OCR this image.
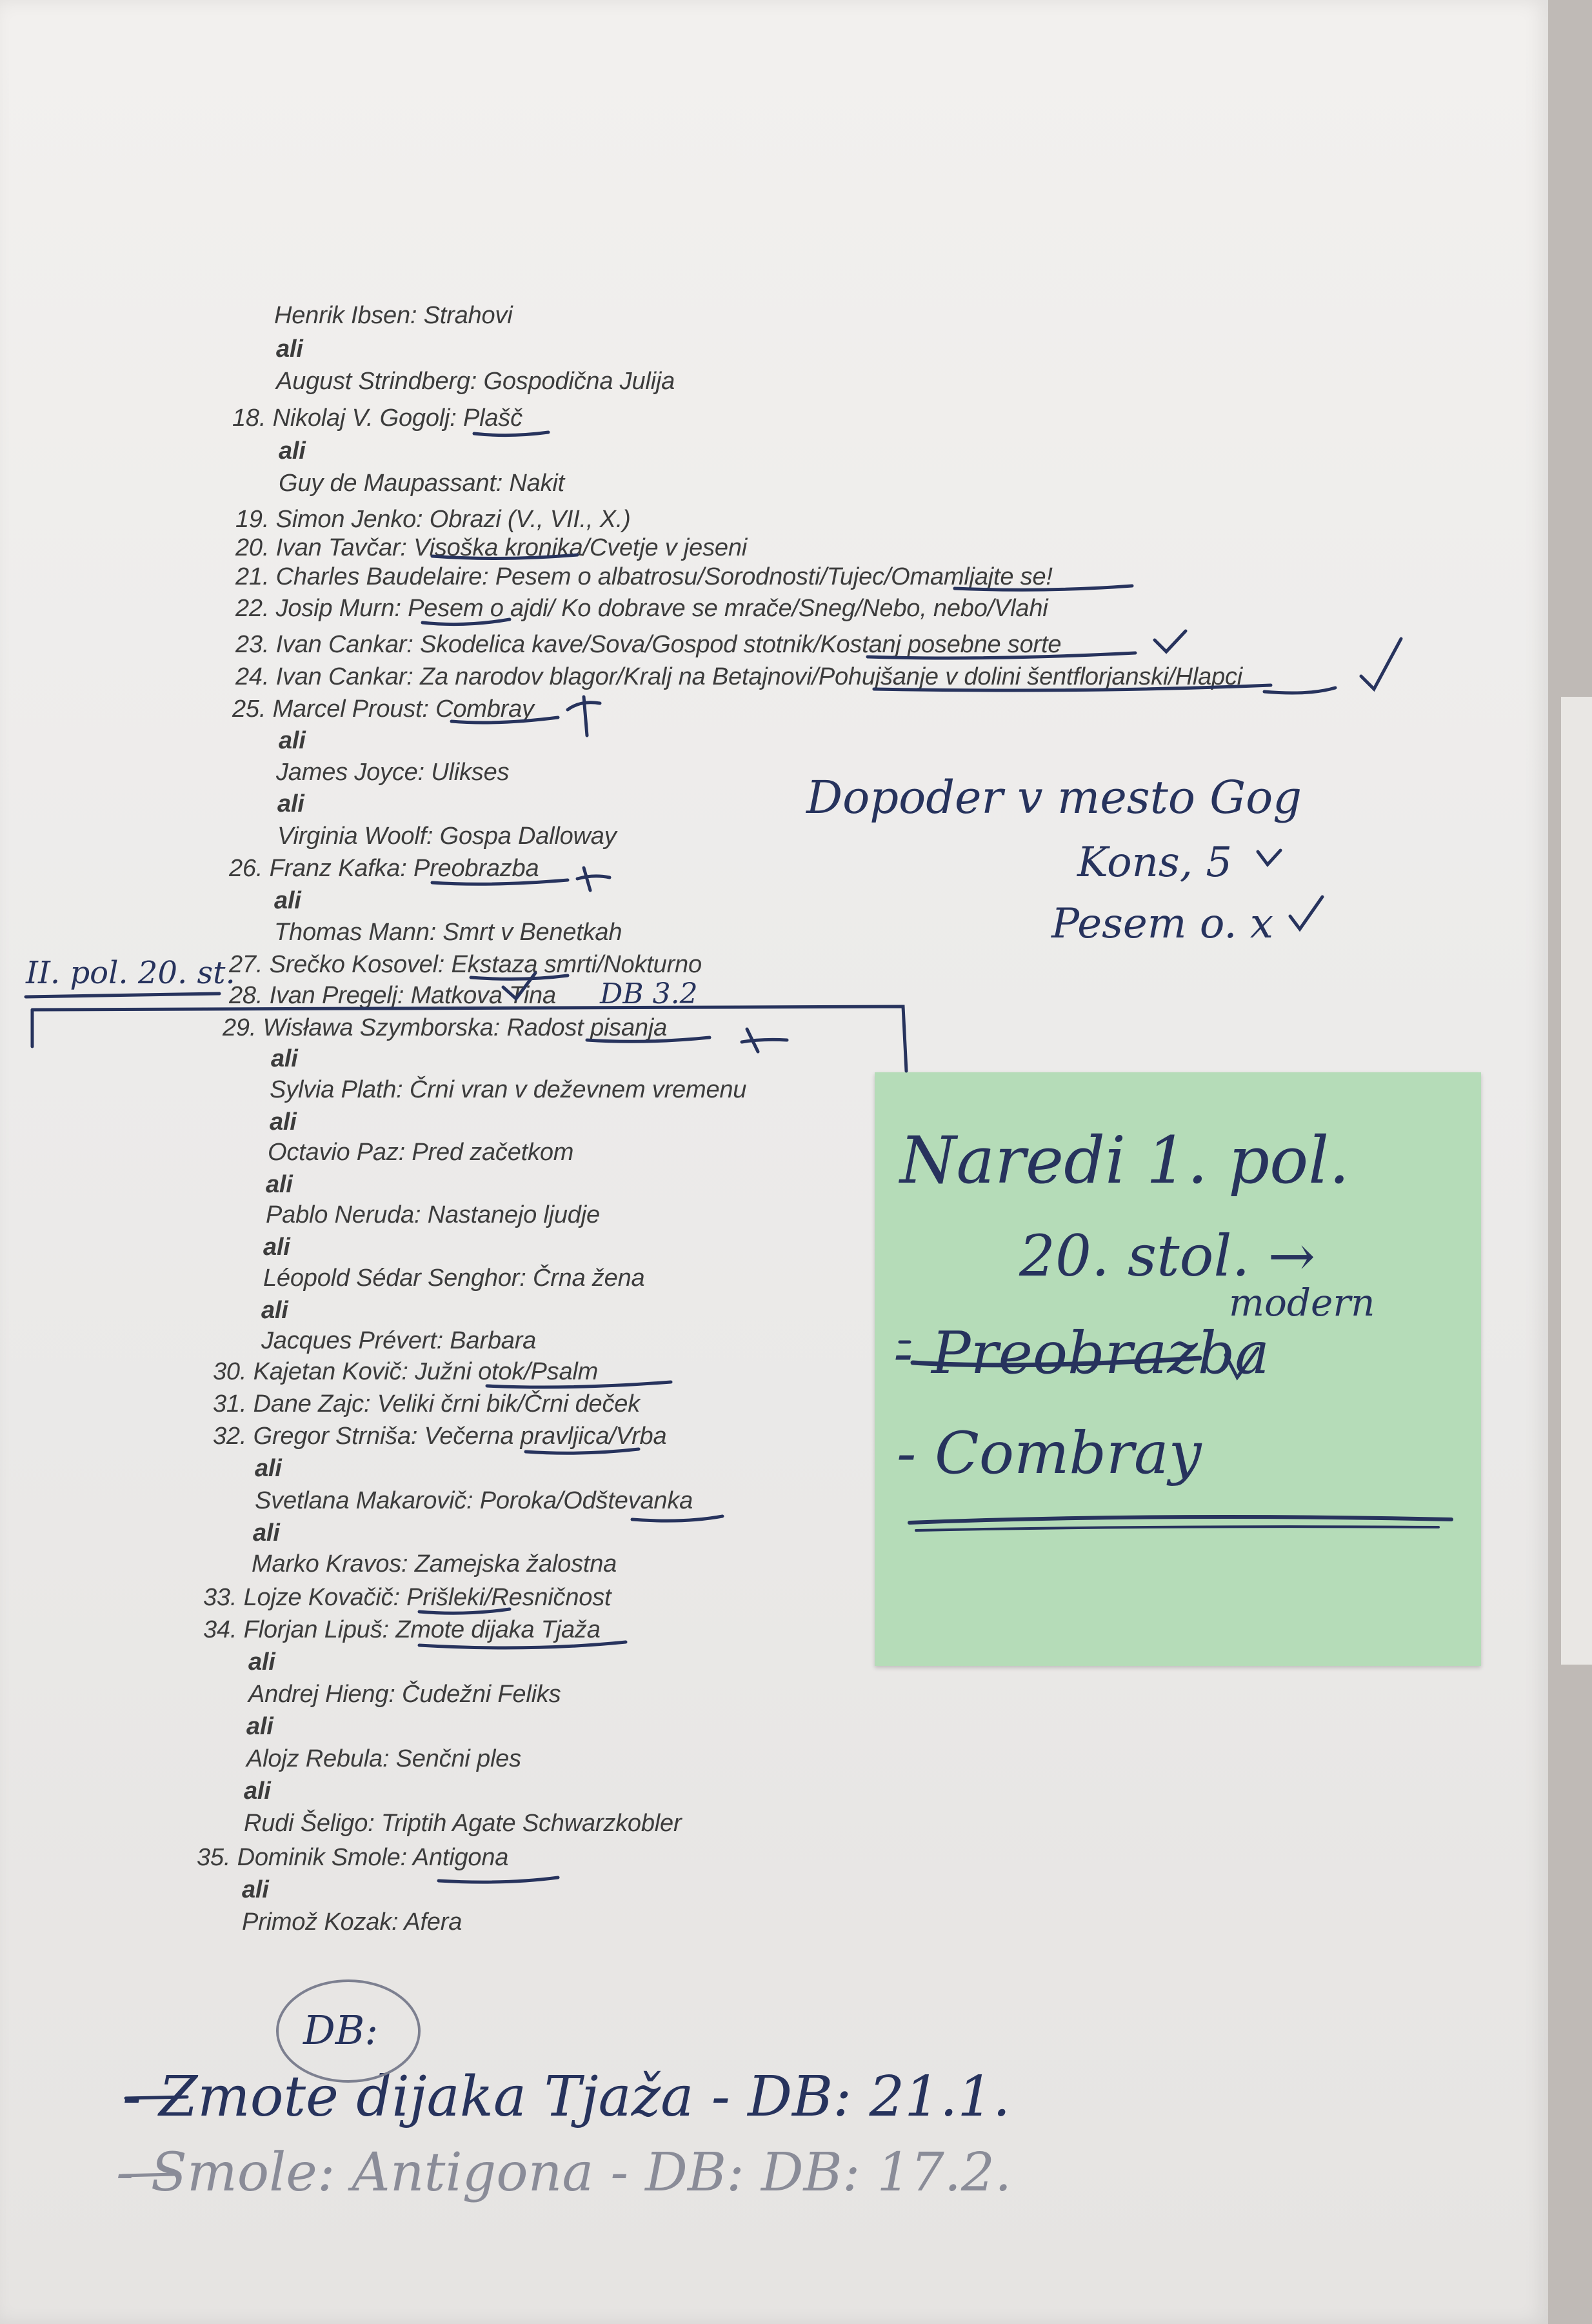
Henrik Ibsen: Strahovi
ali
August Strindberg: Gospodična Julija
18. Nikolaj V. Gogolj: Plašč
ali
Guy de Maupassant: Nakit
19. Simon Jenko: Obrazi (V., VII., X.)
20. Ivan Tavčar: Visoška kronika/Cvetje v jeseni
21. Charles Baudelaire: Pesem o albatrosu/Sorodnosti/Tujec/Omamljajte se!
22. Josip Murn: Pesem o ajdi/ Ko dobrave se mrače/Sneg/Nebo, nebo/Vlahi
23. Ivan Cankar: Skodelica kave/Sova/Gospod stotnik/Kostanj posebne sorte
24. Ivan Cankar: Za narodov blagor/Kralj na Betajnovi/Pohujšanje v dolini šentflorjanski/Hlapci
25. Marcel Proust: Combray
ali
James Joyce: Ulikses
ali
Virginia Woolf: Gospa Dalloway
26. Franz Kafka: Preobrazba
ali
Thomas Mann: Smrt v Benetkah
27. Srečko Kosovel: Ekstaza smrti/Nokturno
28. Ivan Pregelj: Matkova Tina
29. Wisława Szymborska: Radost pisanja
ali
Sylvia Plath: Črni vran v deževnem vremenu
ali
Octavio Paz: Pred začetkom
ali
Pablo Neruda: Nastanejo ljudje
ali
Léopold Sédar Senghor: Črna žena
ali
Jacques Prévert: Barbara
30. Kajetan Kovič: Južni otok/Psalm
31. Dane Zajc: Veliki črni bik/Črni deček
32. Gregor Strniša: Večerna pravljica/Vrba
ali
Svetlana Makarovič: Poroka/Odštevanka
ali
Marko Kravos: Zamejska žalostna
33. Lojze Kovačič: Prišleki/Resničnost
34. Florjan Lipuš: Zmote dijaka Tjaža
ali
Andrej Hieng: Čudežni Feliks
ali
Alojz Rebula: Senčni ples
ali
Rudi Šeligo: Triptih Agate Schwarzkobler
35. Dominik Smole: Antigona
ali
Primož Kozak: Afera
II. pol. 20. st.
DB 3.2
Dopoder v mesto Gog
Kons, 5
Pesem o. x
Naredi 1. pol.
20. stol. →
modern
- Preobrazba
- Combray
DB:
- Zmote dijaka Tjaža - DB: 21.1.
- Smole: Antigona - DB: DB: 17.2.
